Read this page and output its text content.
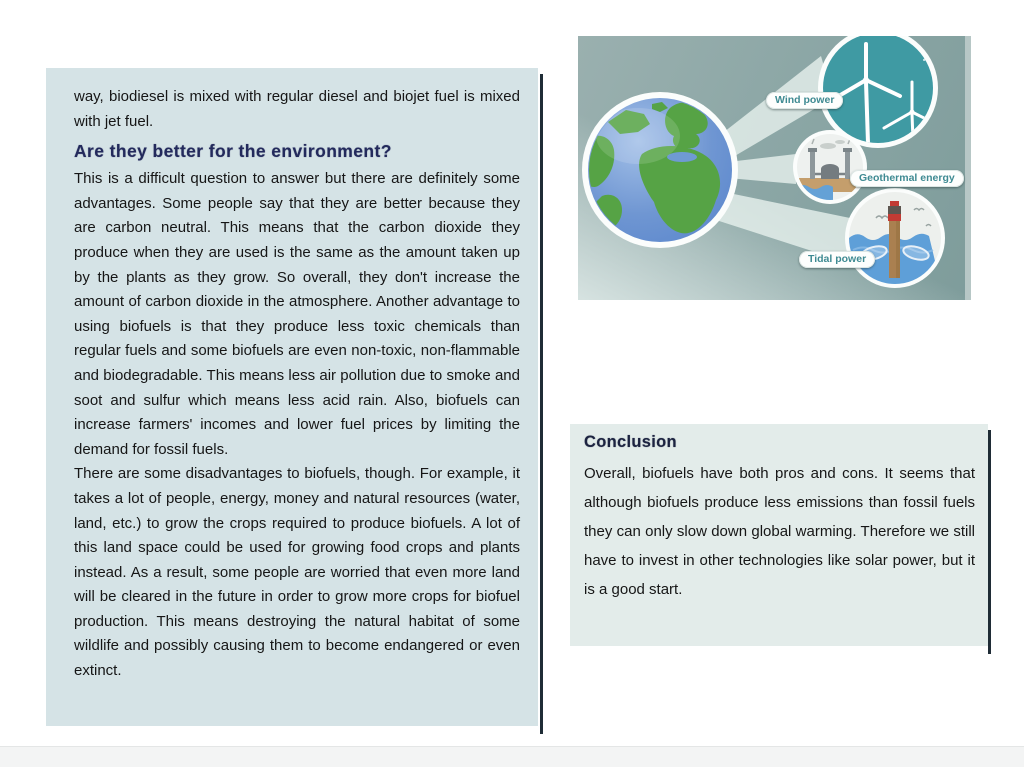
way, biodiesel is mixed with regular diesel and biojet fuel is mixed with jet fuel.

Are they better for the environment?

This is a difficult question to answer but there are definitely some advantages. Some people say that they are better because they are carbon neutral. This means that the carbon dioxide they produce when they are used is the same as the amount taken up by the plants as they grow. So overall, they don't increase the amount of carbon dioxide in the atmosphere. Another advantage to using biofuels is that they produce less toxic chemicals than regular fuels and some biofuels are even non-toxic, non-flammable and biodegradable. This means less air pollution due to smoke and soot and sulfur which means less acid rain. Also, biofuels can increase farmers' incomes and lower fuel prices by limiting the demand for fossil fuels.

There are some disadvantages to biofuels, though. For example, it takes a lot of people, energy, money and natural resources (water, land, etc.) to grow the crops required to produce biofuels. A lot of this land space could be used for growing food crops and plants instead. As a result, some people are worried that even more land will be cleared in the future in order to grow more crops for biofuel production. This means destroying the natural habitat of some wildlife and possibly causing them to become endangered or even extinct.

Wind power
Geothermal energy
Tidal power
Conclusion

Overall, biofuels have both pros and cons. It seems that although biofuels produce less emissions than fossil fuels they can only slow down global warming. Therefore we still have to invest in other technologies like solar power, but it is a good start.
